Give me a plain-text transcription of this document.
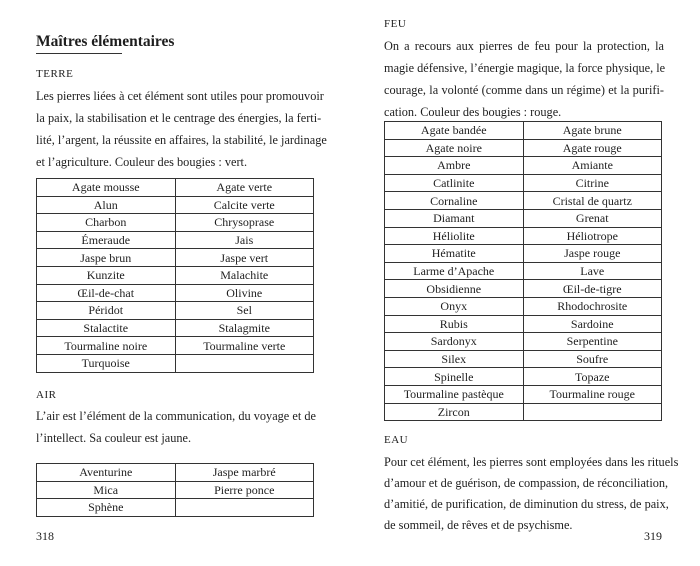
Maîtres élémentaires
TERRE
Les pierres liées à cet élément sont utiles pour promouvoir
la paix, la stabilisation et le centrage des énergies, la ferti-
lité, l’argent, la réussite en affaires, la stabilité, le jardinage
et l’agriculture. Couleur des bougies : vert.
Agate mousse	Agate verte
Alun	Calcite verte
Charbon	Chrysoprase
Émeraude	Jais
Jaspe brun	Jaspe vert
Kunzite	Malachite
Œil-de-chat	Olivine
Péridot	Sel
Stalactite	Stalagmite
Tourmaline noire	Tourmaline verte
Turquoise	
AIR
L’air est l’élément de la communication, du voyage et de
l’intellect. Sa couleur est jaune.
Aventurine	Jaspe marbré
Mica	Pierre ponce
Sphène	
318
FEU
On a recours aux pierres de feu pour la protection, la
magie défensive, l’énergie magique, la force physique, le
courage, la volonté (comme dans un régime) et la purifi-
cation. Couleur des bougies : rouge.
Agate bandée	Agate brune
Agate noire	Agate rouge
Ambre	Amiante
Catlinite	Citrine
Cornaline	Cristal de quartz
Diamant	Grenat
Héliolite	Héliotrope
Hématite	Jaspe rouge
Larme d’Apache	Lave
Obsidienne	Œil-de-tigre
Onyx	Rhodochrosite
Rubis	Sardoine
Sardonyx	Serpentine
Silex	Soufre
Spinelle	Topaze
Tourmaline pastèque	Tourmaline rouge
Zircon	
EAU
Pour cet élément, les pierres sont employées dans les rituels
d’amour et de guérison, de compassion, de réconciliation,
d’amitié, de purification, de diminution du stress, de paix,
de sommeil, de rêves et de psychisme.
319
